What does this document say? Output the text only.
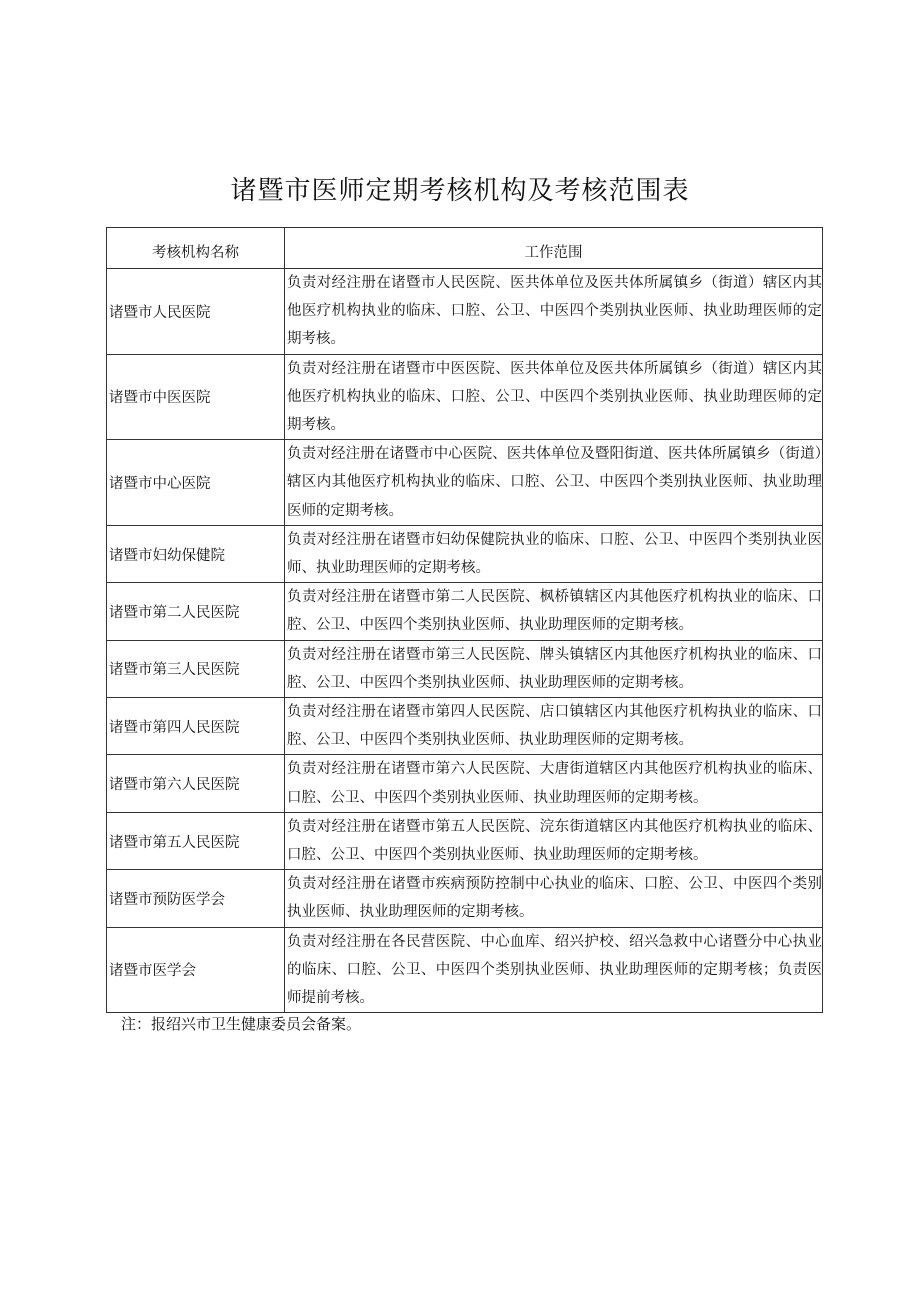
诸暨市医师定期考核机构及考核范围表
考核机构名称	工作范围
诸暨市人民医院	负责对经注册在诸暨市人民医院、医共体单位及医共体所属镇乡（街道）辖区内其他医疗机构执业的临床、口腔、公卫、中医四个类别执业医师、执业助理医师的定期考核。
诸暨市中医医院	负责对经注册在诸暨市中医医院、医共体单位及医共体所属镇乡（街道）辖区内其他医疗机构执业的临床、口腔、公卫、中医四个类别执业医师、执业助理医师的定期考核。
诸暨市中心医院	负责对经注册在诸暨市中心医院、医共体单位及暨阳街道、医共体所属镇乡（街道）辖区内其他医疗机构执业的临床、口腔、公卫、中医四个类别执业医师、执业助理医师的定期考核。
诸暨市妇幼保健院	负责对经注册在诸暨市妇幼保健院执业的临床、口腔、公卫、中医四个类别执业医师、执业助理医师的定期考核。
诸暨市第二人民医院	负责对经注册在诸暨市第二人民医院、枫桥镇辖区内其他医疗机构执业的临床、口腔、公卫、中医四个类别执业医师、执业助理医师的定期考核。
诸暨市第三人民医院	负责对经注册在诸暨市第三人民医院、牌头镇辖区内其他医疗机构执业的临床、口腔、公卫、中医四个类别执业医师、执业助理医师的定期考核。
诸暨市第四人民医院	负责对经注册在诸暨市第四人民医院、店口镇辖区内其他医疗机构执业的临床、口腔、公卫、中医四个类别执业医师、执业助理医师的定期考核。
诸暨市第六人民医院	负责对经注册在诸暨市第六人民医院、大唐街道辖区内其他医疗机构执业的临床、口腔、公卫、中医四个类别执业医师、执业助理医师的定期考核。
诸暨市第五人民医院	负责对经注册在诸暨市第五人民医院、浣东街道辖区内其他医疗机构执业的临床、口腔、公卫、中医四个类别执业医师、执业助理医师的定期考核。
诸暨市预防医学会	负责对经注册在诸暨市疾病预防控制中心执业的临床、口腔、公卫、中医四个类别执业医师、执业助理医师的定期考核。
诸暨市医学会	负责对经注册在各民营医院、中心血库、绍兴护校、绍兴急救中心诸暨分中心执业的临床、口腔、公卫、中医四个类别执业医师、执业助理医师的定期考核；负责医师提前考核。
注：报绍兴市卫生健康委员会备案。
